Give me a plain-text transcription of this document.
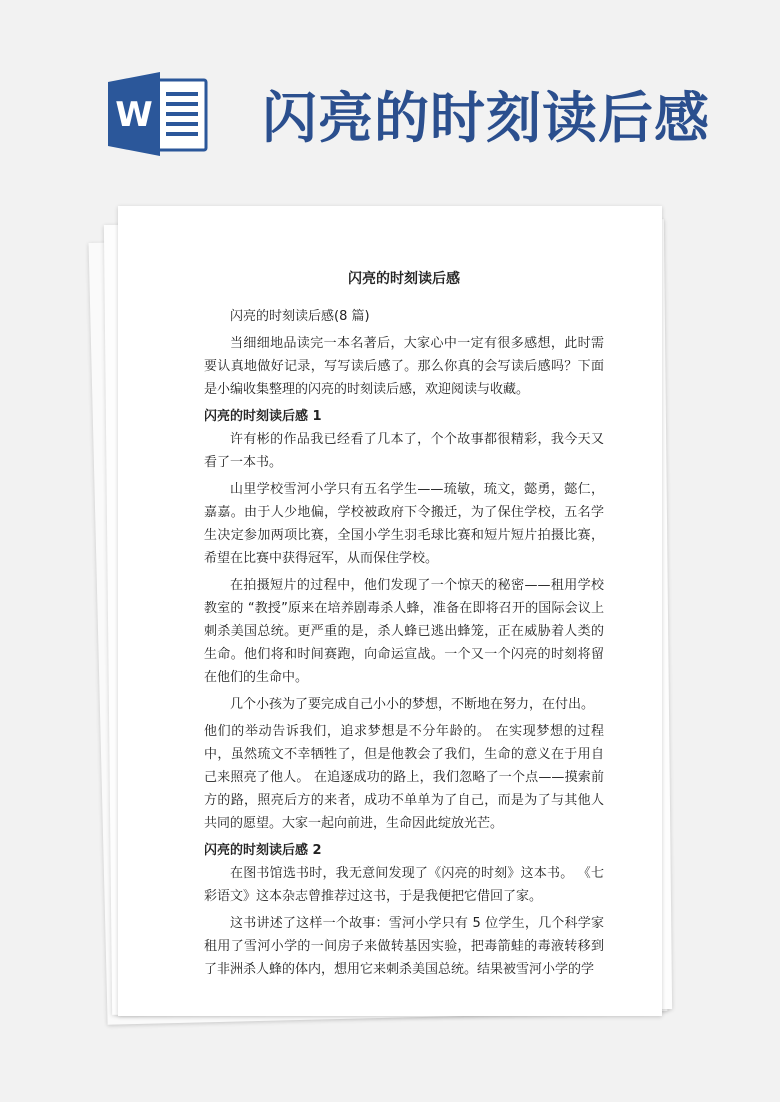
W 闪亮的时刻读后感
闪亮的时刻读后感

闪亮的时刻读后感(8 篇)

当细细地品读完一本名著后，大家心中一定有很多感想，此时需要认真地做好记录，写写读后感了。那么你真的会写读后感吗？下面是小编收集整理的闪亮的时刻读后感，欢迎阅读与收藏。

闪亮的时刻读后感 1

许有彬的作品我已经看了几本了，个个故事都很精彩，我今天又看了一本书。

山里学校雪河小学只有五名学生——琉敏，琉文，懿勇，懿仁，嘉嘉。由于人少地偏，学校被政府下令搬迁，为了保住学校，五名学生决定参加两项比赛，全国小学生羽毛球比赛和短片短片拍摄比赛，希望在比赛中获得冠军，从而保住学校。

在拍摄短片的过程中，他们发现了一个惊天的秘密——租用学校教室的 “教授”原来在培养剧毒杀人蜂，准备在即将召开的国际会议上刺杀美国总统。更严重的是，杀人蜂已逃出蜂笼，正在威胁着人类的生命。他们将和时间赛跑，向命运宣战。一个又一个闪亮的时刻将留在他们的生命中。

几个小孩为了要完成自己小小的梦想，不断地在努力，在付出。

他们的举动告诉我们，追求梦想是不分年龄的。 在实现梦想的过程中，虽然琉文不幸牺牲了，但是他教会了我们，生命的意义在于用自己来照亮了他人。 在追逐成功的路上，我们忽略了一个点——摸索前方的路，照亮后方的来者，成功不单单为了自己，而是为了与其他人共同的愿望。大家一起向前进，生命因此绽放光芒。

闪亮的时刻读后感 2

在图书馆选书时，我无意间发现了《闪亮的时刻》这本书。 《七彩语文》这本杂志曾推荐过这书，于是我便把它借回了家。

这书讲述了这样一个故事：雪河小学只有 5 位学生，几个科学家租用了雪河小学的一间房子来做转基因实验，把毒箭蛙的毒液转移到了非洲杀人蜂的体内，想用它来刺杀美国总统。结果被雪河小学的学
